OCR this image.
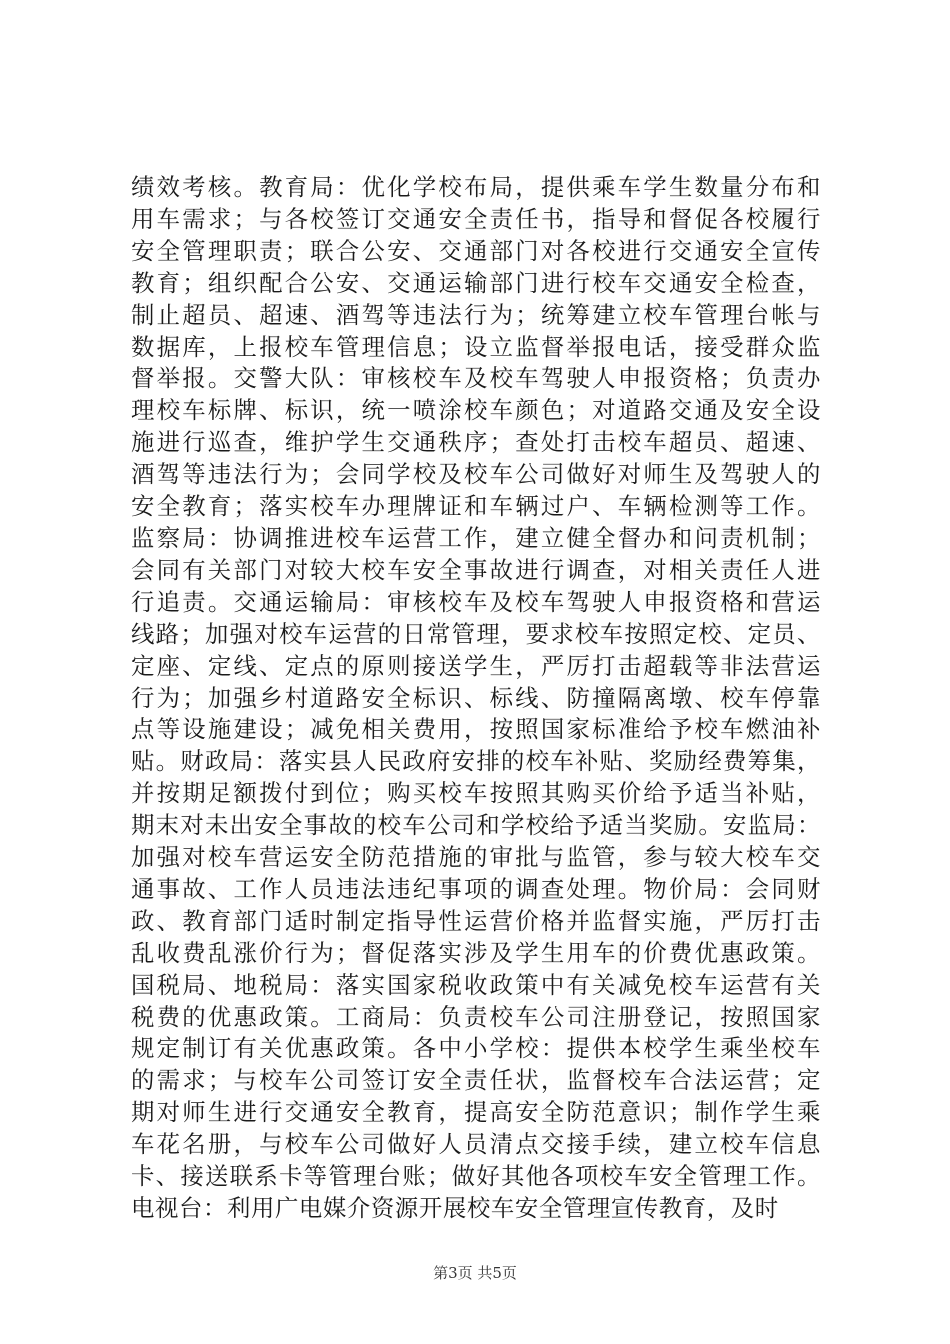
绩效考核。教育局：优化学校布局，提供乘车学生数量分布和
用车需求；与各校签订交通安全责任书，指导和督促各校履行
安全管理职责；联合公安、交通部门对各校进行交通安全宣传
教育；组织配合公安、交通运输部门进行校车交通安全检查，
制止超员、超速、酒驾等违法行为；统筹建立校车管理台帐与
数据库，上报校车管理信息；设立监督举报电话，接受群众监
督举报。交警大队：审核校车及校车驾驶人申报资格；负责办
理校车标牌、标识，统一喷涂校车颜色；对道路交通及安全设
施进行巡查，维护学生交通秩序；查处打击校车超员、超速、
酒驾等违法行为；会同学校及校车公司做好对师生及驾驶人的
安全教育；落实校车办理牌证和车辆过户、车辆检测等工作。
监察局：协调推进校车运营工作，建立健全督办和问责机制；
会同有关部门对较大校车安全事故进行调查，对相关责任人进
行追责。交通运输局：审核校车及校车驾驶人申报资格和营运
线路；加强对校车运营的日常管理，要求校车按照定校、定员、
定座、定线、定点的原则接送学生，严厉打击超载等非法营运
行为；加强乡村道路安全标识、标线、防撞隔离墩、校车停靠
点等设施建设；减免相关费用，按照国家标准给予校车燃油补
贴。财政局：落实县人民政府安排的校车补贴、奖励经费筹集，
并按期足额拨付到位；购买校车按照其购买价给予适当补贴，
期末对未出安全事故的校车公司和学校给予适当奖励。安监局：
加强对校车营运安全防范措施的审批与监管，参与较大校车交
通事故、工作人员违法违纪事项的调查处理。物价局：会同财
政、教育部门适时制定指导性运营价格并监督实施，严厉打击
乱收费乱涨价行为；督促落实涉及学生用车的价费优惠政策。
国税局、地税局：落实国家税收政策中有关减免校车运营有关
税费的优惠政策。工商局：负责校车公司注册登记，按照国家
规定制订有关优惠政策。各中小学校：提供本校学生乘坐校车
的需求；与校车公司签订安全责任状，监督校车合法运营；定
期对师生进行交通安全教育，提高安全防范意识；制作学生乘
车花名册，与校车公司做好人员清点交接手续，建立校车信息
卡、接送联系卡等管理台账；做好其他各项校车安全管理工作。
电视台：利用广电媒介资源开展校车安全管理宣传教育，及时
第3页 共5页
